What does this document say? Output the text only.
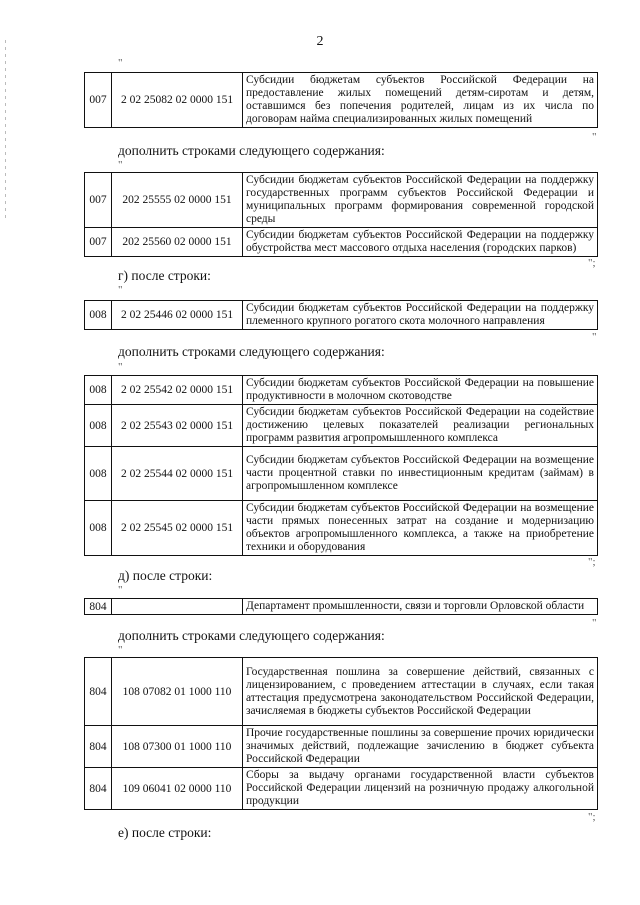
2
"
007	2 02 25082 02 0000 151	Субсидии бюджетам субъектов Российской Федерации на предоставление жилых помещений детям-сиротам и детям, оставшимся без попечения родителей, лицам из их числа по договорам найма специализированных жилых помещений
"
дополнить строками следующего содержания:
"
007	202 25555 02 0000 151	Субсидии бюджетам субъектов Российской Федерации на поддержку государственных программ субъектов Российской Федерации и муниципальных программ формирования современной городской среды
007	202 25560 02 0000 151	Субсидии бюджетам субъектов Российской Федерации на поддержку обустройства мест массового отдыха населения (городских парков)
";
г) после строки:
"
008	2 02 25446 02 0000 151	Субсидии бюджетам субъектов Российской Федерации на поддержку племенного крупного рогатого скота молочного направления
"
дополнить строками следующего содержания:
"
008	2 02 25542 02 0000 151	Субсидии бюджетам субъектов Российской Федерации на повышение продуктивности в молочном скотоводстве
008	2 02 25543 02 0000 151	Субсидии бюджетам субъектов Российской Федерации на содействие достижению целевых показателей реализации региональных программ развития агропромышленного комплекса
008	2 02 25544 02 0000 151	Субсидии бюджетам субъектов Российской Федерации на возмещение части процентной ставки по инвестиционным кредитам (займам) в агропромышленном комплексе
008	2 02 25545 02 0000 151	Субсидии бюджетам субъектов Российской Федерации на возмещение части прямых понесенных затрат на создание и модернизацию объектов агропромышленного комплекса, а также на приобретение техники и оборудования
";
д) после строки:
"
804		Департамент промышленности, связи и торговли Орловской области
"
дополнить строками следующего содержания:
"
804	108 07082 01 1000 110	Государственная пошлина за совершение действий, связанных с лицензированием, с проведением аттестации в случаях, если такая аттестация предусмотрена законодательством Российской Федерации, зачисляемая в бюджеты субъектов Российской Федерации
804	108 07300 01 1000 110	Прочие государственные пошлины за совершение прочих юридически значимых действий, подлежащие зачислению в бюджет субъекта Российской Федерации
804	109 06041 02 0000 110	Сборы за выдачу органами государственной власти субъектов Российской Федерации лицензий на розничную продажу алкогольной продукции
";
е) после строки:
